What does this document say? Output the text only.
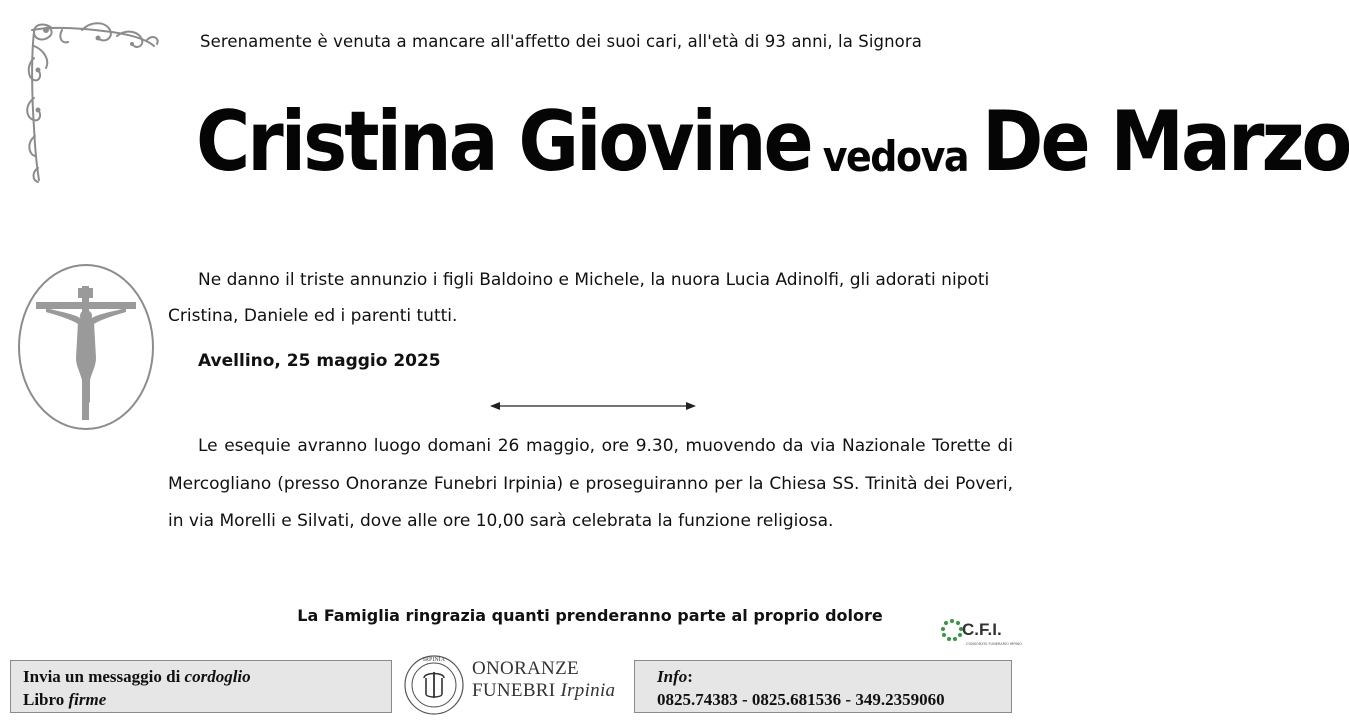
Serenamente è venuta a mancare all'affetto dei suoi cari, all'età di 93 anni, la Signora
Cristina Giovine vedova De Marzo
Ne danno il triste annunzio i figli Baldoino e Michele, la nuora Lucia Adinolfi, gli adorati nipoti Cristina, Daniele ed i parenti tutti.
Avellino, 25 maggio 2025
Le esequie avranno luogo domani 26 maggio, ore 9.30, muovendo da via Nazionale Torette di Mercogliano (presso Onoranze Funebri Irpinia) e proseguiranno per la Chiesa SS. Trinità dei Poveri, in via Morelli e Silvati, dove alle ore 10,00 sarà celebrata la funzione religiosa.
La Famiglia ringrazia quanti prenderanno parte al proprio dolore
C.F.I.
CONSORZIO FUNERARIO IRPINO
Invia un messaggio di cordoglio
Libro firme
IRPINIA ONORANZE
FUNEBRI Irpinia
Info:
0825.74383 - 0825.681536 - 349.2359060
